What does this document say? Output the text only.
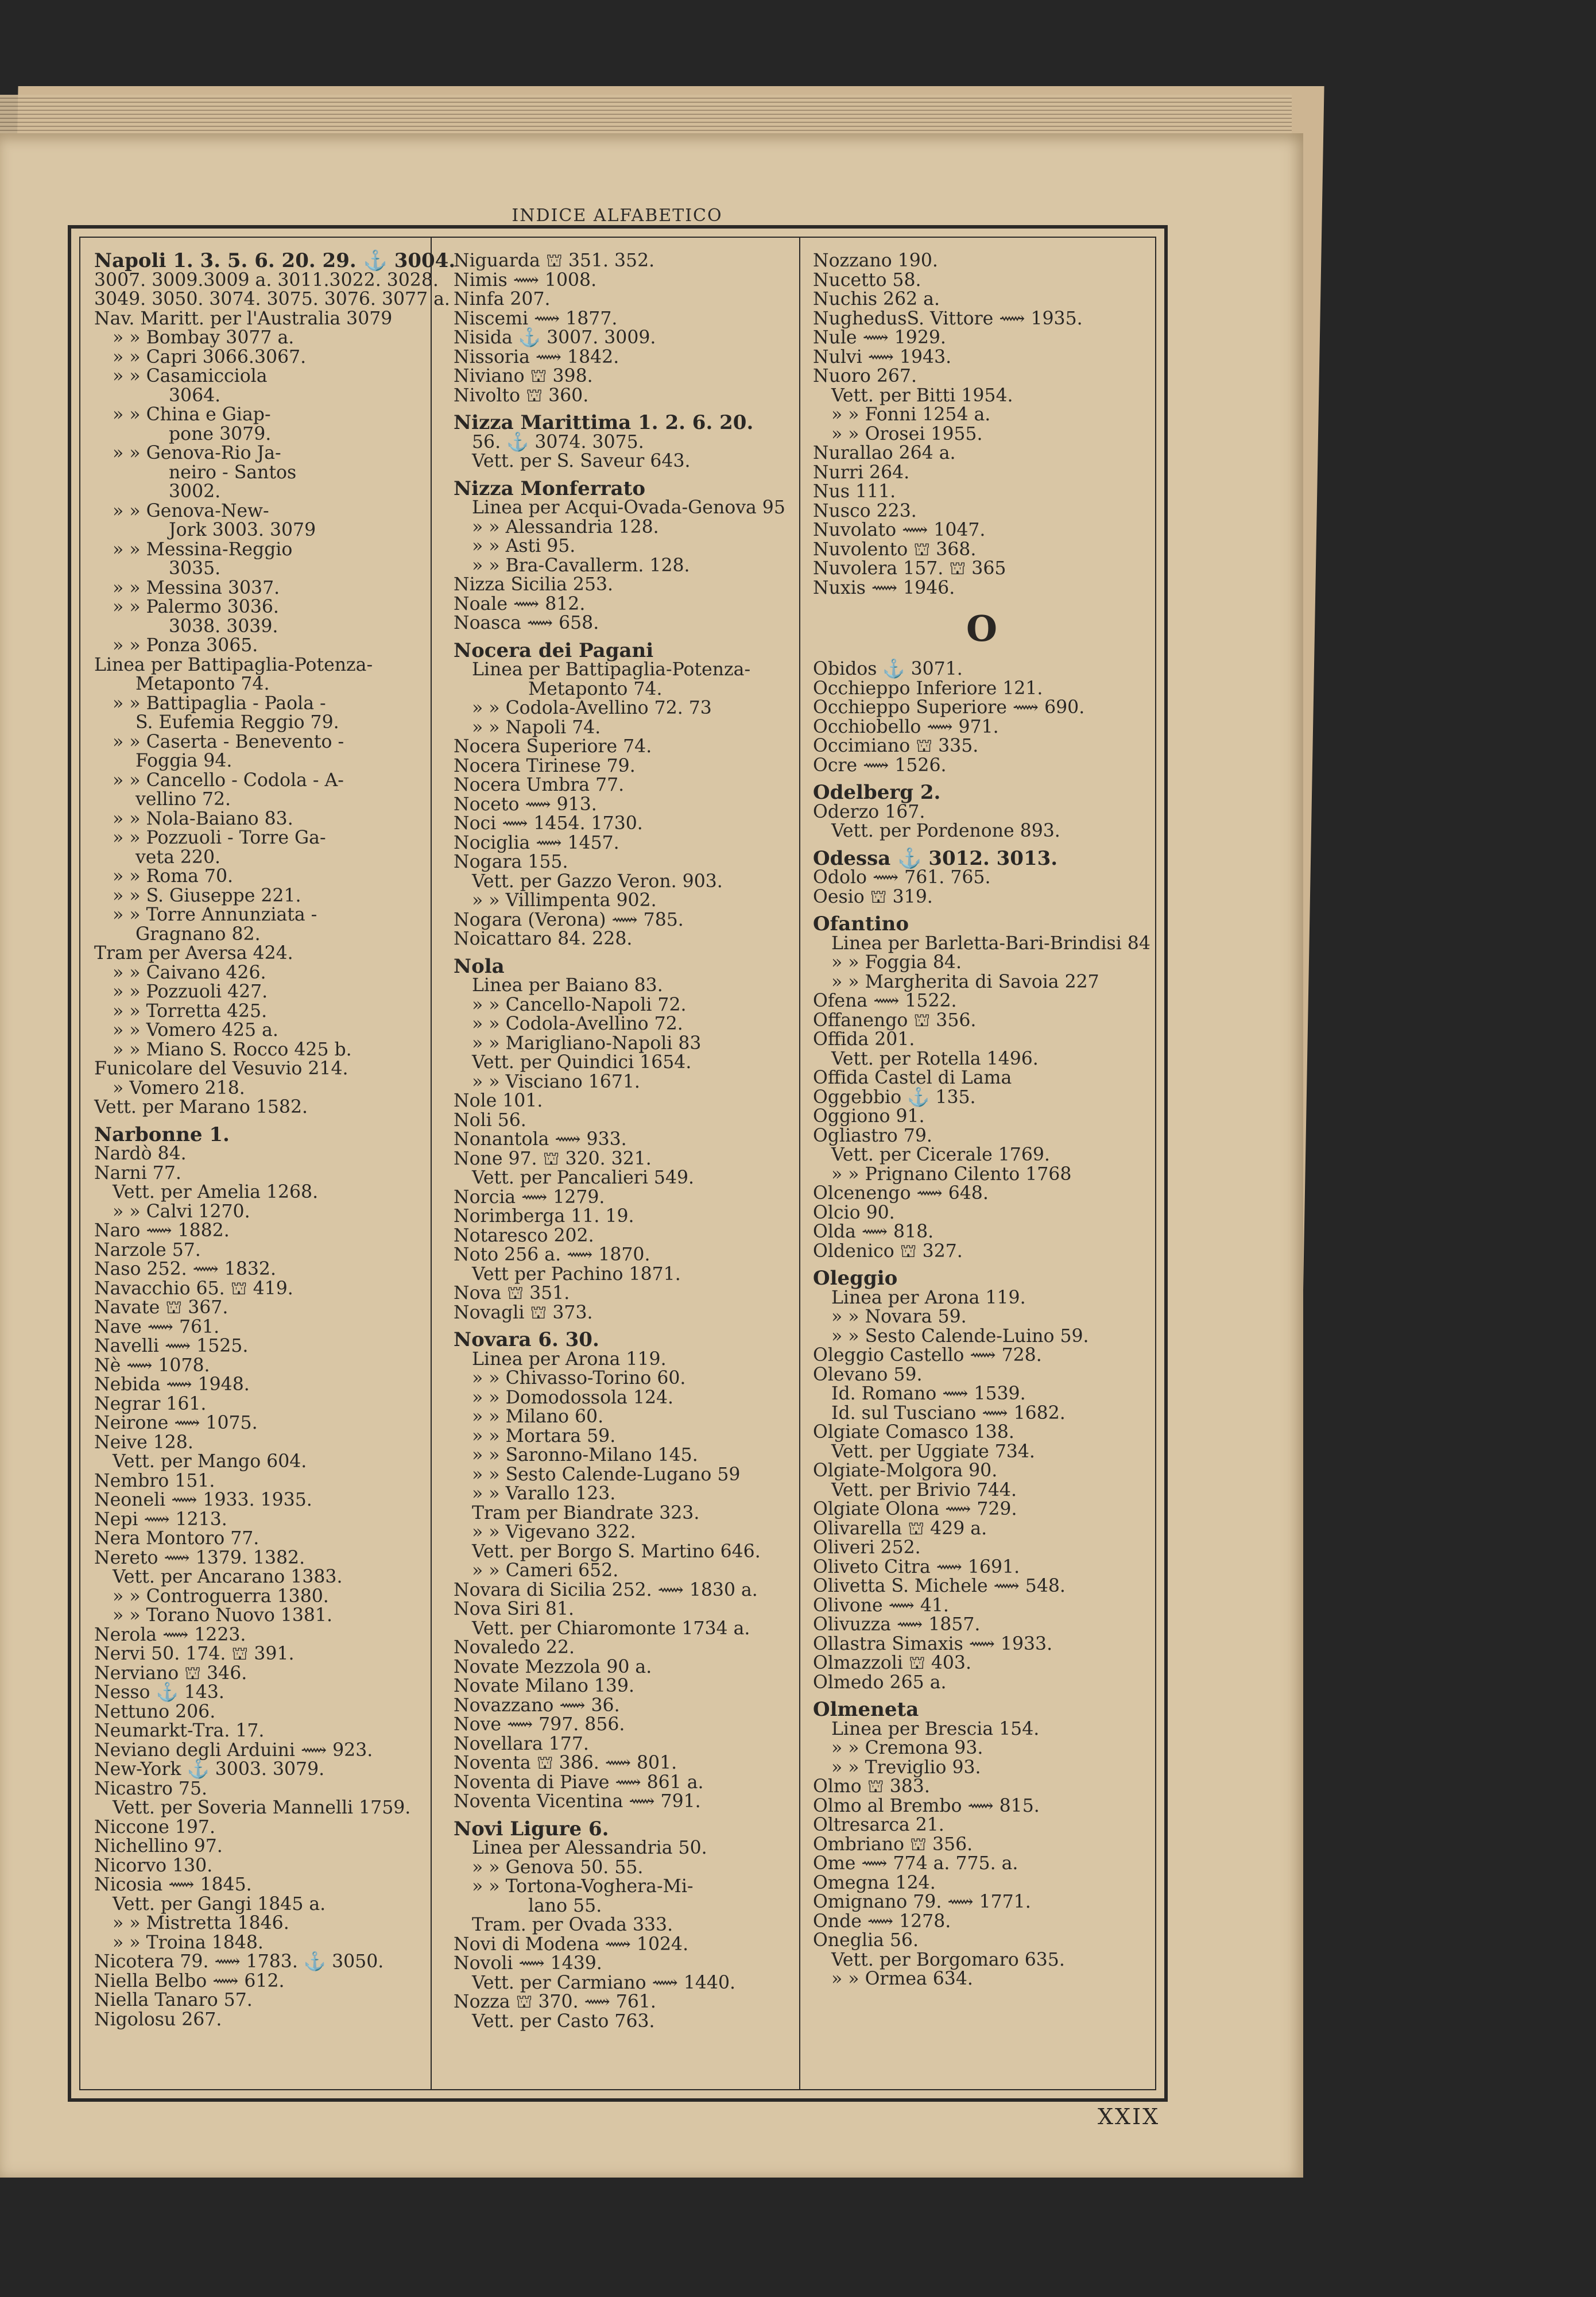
INDICE ALFABETICO
Napoli 1. 3. 5. 6. 20. 29. ⚓ 3004.
3007. 3009.3009 a. 3011.3022. 3028.
3049. 3050. 3074. 3075. 3076. 3077 a.
Nav. Maritt. per l'Australia 3079
» » Bombay 3077 a.
» » Capri 3066.3067.
» » Casamicciola
3064.
» » China e Giap-
pone 3079.
» » Genova-Rio Ja-
neiro - Santos
3002.
» » Genova-New-
Jork 3003. 3079
» » Messina-Reggio
3035.
» » Messina 3037.
» » Palermo 3036.
3038. 3039.
» » Ponza 3065.
Linea per Battipaglia-Potenza-
Metaponto 74.
» » Battipaglia - Paola -
S. Eufemia Reggio 79.
» » Caserta - Benevento -
Foggia 94.
» » Cancello - Codola - A-
vellino 72.
» » Nola-Baiano 83.
» » Pozzuoli - Torre Ga-
veta 220.
» » Roma 70.
» » S. Giuseppe 221.
» » Torre Annunziata -
Gragnano 82.
Tram per Aversa 424.
» » Caivano 426.
» » Pozzuoli 427.
» » Torretta 425.
» » Vomero 425 a.
» » Miano S. Rocco 425 b.
Funicolare del Vesuvio 214.
» Vomero 218.
Vett. per Marano 1582.
Narbonne 1.
Nardò 84.
Narni 77.
Vett. per Amelia 1268.
» » Calvi 1270.
Naro ⟿ 1882.
Narzole 57.
Naso 252. ⟿ 1832.
Navacchio 65. ⛫ 419.
Navate ⛫ 367.
Nave ⟿ 761.
Navelli ⟿ 1525.
Nè ⟿ 1078.
Nebida ⟿ 1948.
Negrar 161.
Neirone ⟿ 1075.
Neive 128.
Vett. per Mango 604.
Nembro 151.
Neoneli ⟿ 1933. 1935.
Nepi ⟿ 1213.
Nera Montoro 77.
Nereto ⟿ 1379. 1382.
Vett. per Ancarano 1383.
» » Controguerra 1380.
» » Torano Nuovo 1381.
Nerola ⟿ 1223.
Nervi 50. 174. ⛫ 391.
Nerviano ⛫ 346.
Nesso ⚓ 143.
Nettuno 206.
Neumarkt-Tra. 17.
Neviano degli Arduini ⟿ 923.
New-York ⚓ 3003. 3079.
Nicastro 75.
Vett. per Soveria Mannelli 1759.
Niccone 197.
Nichellino 97.
Nicorvo 130.
Nicosia ⟿ 1845.
Vett. per Gangi 1845 a.
» » Mistretta 1846.
» » Troina 1848.
Nicotera 79. ⟿ 1783. ⚓ 3050.
Niella Belbo ⟿ 612.
Niella Tanaro 57.
Nigolosu 267.
Niguarda ⛫ 351. 352.
Nimis ⟿ 1008.
Ninfa 207.
Niscemi ⟿ 1877.
Nisida ⚓ 3007. 3009.
Nissoria ⟿ 1842.
Niviano ⛫ 398.
Nivolto ⛫ 360.
Nizza Marittima 1. 2. 6. 20.
56. ⚓ 3074. 3075.
Vett. per S. Saveur 643.
Nizza Monferrato
Linea per Acqui-Ovada-Genova 95
» » Alessandria 128.
» » Asti 95.
» » Bra-Cavallerm. 128.
Nizza Sicilia 253.
Noale ⟿ 812.
Noasca ⟿ 658.
Nocera dei Pagani
Linea per Battipaglia-Potenza-
Metaponto 74.
» » Codola-Avellino 72. 73
» » Napoli 74.
Nocera Superiore 74.
Nocera Tirinese 79.
Nocera Umbra 77.
Noceto ⟿ 913.
Noci ⟿ 1454. 1730.
Nociglia ⟿ 1457.
Nogara 155.
Vett. per Gazzo Veron. 903.
» » Villimpenta 902.
Nogara (Verona) ⟿ 785.
Noicattaro 84. 228.
Nola
Linea per Baiano 83.
» » Cancello-Napoli 72.
» » Codola-Avellino 72.
» » Marigliano-Napoli 83
Vett. per Quindici 1654.
» » Visciano 1671.
Nole 101.
Noli 56.
Nonantola ⟿ 933.
None 97. ⛫ 320. 321.
Vett. per Pancalieri 549.
Norcia ⟿ 1279.
Norimberga 11. 19.
Notaresco 202.
Noto 256 a. ⟿ 1870.
Vett per Pachino 1871.
Nova ⛫ 351.
Novagli ⛫ 373.
Novara 6. 30.
Linea per Arona 119.
» » Chivasso-Torino 60.
» » Domodossola 124.
» » Milano 60.
» » Mortara 59.
» » Saronno-Milano 145.
» » Sesto Calende-Lugano 59
» » Varallo 123.
Tram per Biandrate 323.
» » Vigevano 322.
Vett. per Borgo S. Martino 646.
» » Cameri 652.
Novara di Sicilia 252. ⟿ 1830 a.
Nova Siri 81.
Vett. per Chiaromonte 1734 a.
Novaledo 22.
Novate Mezzola 90 a.
Novate Milano 139.
Novazzano ⟿ 36.
Nove ⟿ 797. 856.
Novellara 177.
Noventa ⛫ 386. ⟿ 801.
Noventa di Piave ⟿ 861 a.
Noventa Vicentina ⟿ 791.
Novi Ligure 6.
Linea per Alessandria 50.
» » Genova 50. 55.
» » Tortona-Voghera-Mi-
lano 55.
Tram. per Ovada 333.
Novi di Modena ⟿ 1024.
Novoli ⟿ 1439.
Vett. per Carmiano ⟿ 1440.
Nozza ⛫ 370. ⟿ 761.
Vett. per Casto 763.
Nozzano 190.
Nucetto 58.
Nuchis 262 a.
NughedusS. Vittore ⟿ 1935.
Nule ⟿ 1929.
Nulvi ⟿ 1943.
Nuoro 267.
Vett. per Bitti 1954.
» » Fonni 1254 a.
» » Orosei 1955.
Nurallao 264 a.
Nurri 264.
Nus 111.
Nusco 223.
Nuvolato ⟿ 1047.
Nuvolento ⛫ 368.
Nuvolera 157. ⛫ 365
Nuxis ⟿ 1946.
O
Obidos ⚓ 3071.
Occhieppo Inferiore 121.
Occhieppo Superiore ⟿ 690.
Occhiobello ⟿ 971.
Occimiano ⛫ 335.
Ocre ⟿ 1526.
Odelberg 2.
Oderzo 167.
Vett. per Pordenone 893.
Odessa ⚓ 3012. 3013.
Odolo ⟿ 761. 765.
Oesio ⛫ 319.
Ofantino
Linea per Barletta-Bari-Brindisi 84
» » Foggia 84.
» » Margherita di Savoia 227
Ofena ⟿ 1522.
Offanengo ⛫ 356.
Offida 201.
Vett. per Rotella 1496.
Offida Castel di Lama
Oggebbio ⚓ 135.
Oggiono 91.
Ogliastro 79.
Vett. per Cicerale 1769.
» » Prignano Cilento 1768
Olcenengo ⟿ 648.
Olcio 90.
Olda ⟿ 818.
Oldenico ⛫ 327.
Oleggio
Linea per Arona 119.
» » Novara 59.
» » Sesto Calende-Luino 59.
Oleggio Castello ⟿ 728.
Olevano 59.
Id. Romano ⟿ 1539.
Id. sul Tusciano ⟿ 1682.
Olgiate Comasco 138.
Vett. per Uggiate 734.
Olgiate-Molgora 90.
Vett. per Brivio 744.
Olgiate Olona ⟿ 729.
Olivarella ⛫ 429 a.
Oliveri 252.
Oliveto Citra ⟿ 1691.
Olivetta S. Michele ⟿ 548.
Olivone ⟿ 41.
Olivuzza ⟿ 1857.
Ollastra Simaxis ⟿ 1933.
Olmazzoli ⛫ 403.
Olmedo 265 a.
Olmeneta
Linea per Brescia 154.
» » Cremona 93.
» » Treviglio 93.
Olmo ⛫ 383.
Olmo al Brembo ⟿ 815.
Oltresarca 21.
Ombriano ⛫ 356.
Ome ⟿ 774 a. 775. a.
Omegna 124.
Omignano 79. ⟿ 1771.
Onde ⟿ 1278.
Oneglia 56.
Vett. per Borgomaro 635.
» » Ormea 634.
XXIX
